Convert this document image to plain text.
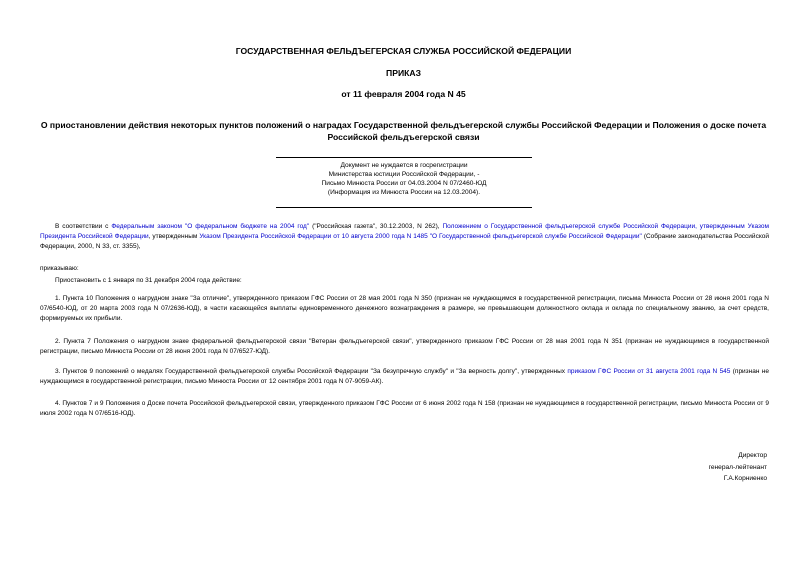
ГОСУДАРСТВЕННАЯ ФЕЛЬДЪЕГЕРСКАЯ СЛУЖБА РОССИЙСКОЙ ФЕДЕРАЦИИ
ПРИКАЗ
от 11 февраля 2004 года N 45
О приостановлении действия некоторых пунктов положений о наградах Государственной фельдъегерской службы Российской Федерации и Положения о доске почета Российской фельдъегерской связи
Документ не нуждается в госрегистрации
Министерства юстиции Российской Федерации, -
Письмо Минюста России от 04.03.2004 N 07/2460-ЮД
(Информация из Минюста России на 12.03.2004).
В соответствии с Федеральным законом "О федеральном бюджете на 2004 год" ("Российская газета", 30.12.2003, N 262), Положением о Государственной фельдъегерской службе Российской Федерации, утвержденным Указом Президента Российской Федерации, утвержденным Указом Президента Российской Федерации от 10 августа 2000 года N 1485 "О Государственной фельдъегерской службе Российской Федерации" (Собрание законодательства Российской Федерации, 2000, N 33, ст. 3355),
приказываю:
Приостановить с 1 января по 31 декабря 2004 года действие:
1. Пункта 10 Положения о нагрудном знаке "За отличие", утвержденного приказом ГФС России от 28 мая 2001 года N 350 (признан не нуждающимся в государственной регистрации, письма Минюста России от 28 июня 2001 года N 07/6540-ЮД, от 20 марта 2003 года N 07/2636-ЮД), в части касающейся выплаты единовременного денежного вознаграждения в размере, не превышающем должностного оклада и оклада по специальному званию, за счет средств, формируемых их прибыли.
2. Пункта 7 Положения о нагрудном знаке федеральной фельдъегерской связи "Ветеран фельдъегерской связи", утвержденного приказом ГФС России от 28 мая 2001 года N 351 (признан не нуждающимся в государственной регистрации, письмо Минюста России от 28 июня 2001 года N 07/6527-ЮД).
3. Пунктов 9 положений о медалях Государственной фельдъегерской службы Российской Федерации "За безупречную службу" и "За верность долгу", утвержденных приказом ГФС России от 31 августа 2001 года N 545 (признан не нуждающимся в государственной регистрации, письмо Минюста России от 12 сентября 2001 года N 07-9059-АК).
4. Пунктов 7 и 9 Положения о Доске почета Российской фельдъегерской связи, утвержденного приказом ГФС России от 6 июня 2002 года N 158 (признан не нуждающимся в государственной регистрации, письмо Минюста России от 9 июля 2002 года N 07/6516-ЮД).
Директор
генерал-лейтенант
Г.А.Корниенко
